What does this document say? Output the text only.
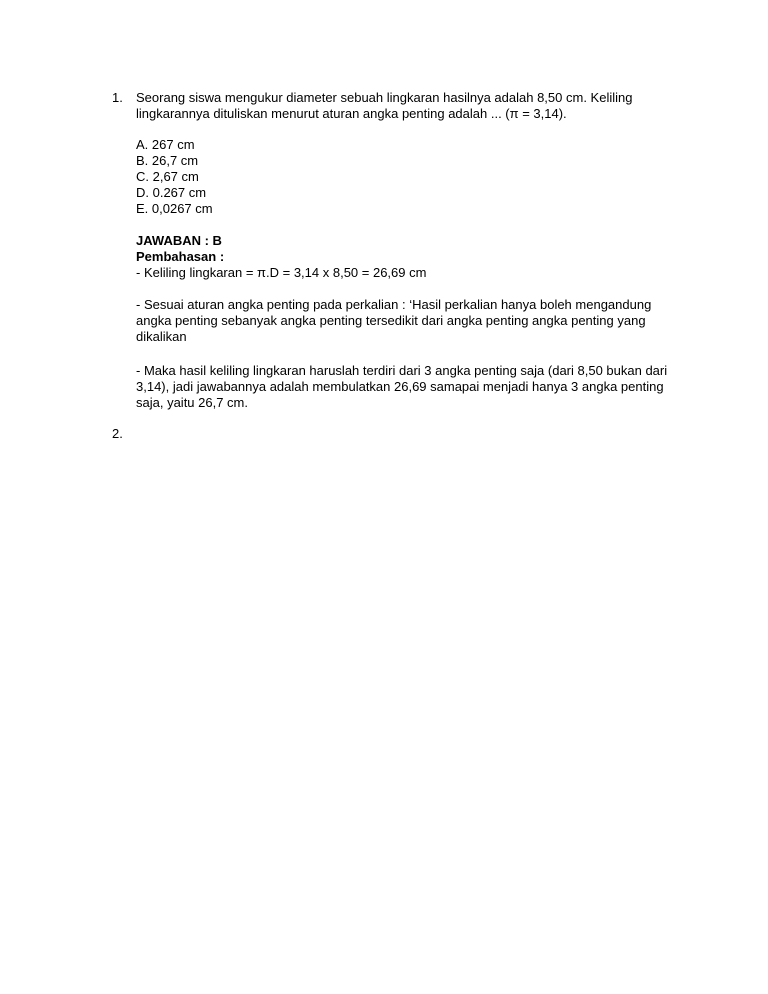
1. Seorang siswa mengukur diameter sebuah lingkaran hasilnya adalah 8,50 cm. Keliling lingkarannya dituliskan menurut aturan angka penting adalah ... (π = 3,14).
A. 267 cm
B. 26,7 cm
C. 2,67 cm
D. 0.267 cm
E. 0,0267 cm
JAWABAN : B
Pembahasan :
- Keliling lingkaran = π.D = 3,14 x 8,50 = 26,69 cm
- Sesuai aturan angka penting pada perkalian : ‘Hasil perkalian hanya boleh mengandung angka penting sebanyak angka penting tersedikit dari angka penting angka penting yang dikalikan
- Maka hasil keliling lingkaran haruslah terdiri dari 3 angka penting saja (dari 8,50 bukan dari 3,14), jadi jawabannya adalah membulatkan 26,69 samapai menjadi hanya 3 angka penting saja, yaitu 26,7 cm.
2.
